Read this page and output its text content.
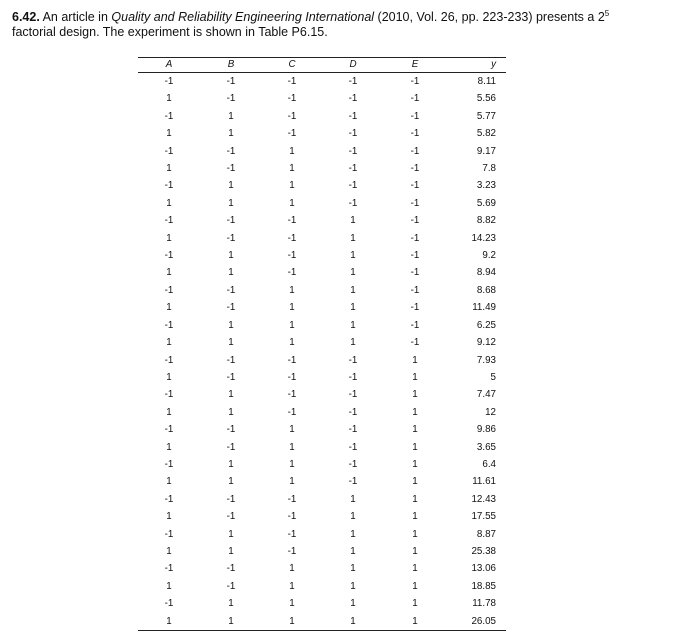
6.42. An article in Quality and Reliability Engineering International (2010, Vol. 26, pp. 223-233) presents a $2^5$
factorial design. The experiment is shown in Table P6.15.
A	B	C	D	E	y
-1	-1	-1	-1	-1	8.11
1	-1	-1	-1	-1	5.56
-1	1	-1	-1	-1	5.77
1	1	-1	-1	-1	5.82
-1	-1	1	-1	-1	9.17
1	-1	1	-1	-1	7.8
-1	1	1	-1	-1	3.23
1	1	1	-1	-1	5.69
-1	-1	-1	1	-1	8.82
1	-1	-1	1	-1	14.23
-1	1	-1	1	-1	9.2
1	1	-1	1	-1	8.94
-1	-1	1	1	-1	8.68
1	-1	1	1	-1	11.49
-1	1	1	1	-1	6.25
1	1	1	1	-1	9.12
-1	-1	-1	-1	1	7.93
1	-1	-1	-1	1	5
-1	1	-1	-1	1	7.47
1	1	-1	-1	1	12
-1	-1	1	-1	1	9.86
1	-1	1	-1	1	3.65
-1	1	1	-1	1	6.4
1	1	1	-1	1	11.61
-1	-1	-1	1	1	12.43
1	-1	-1	1	1	17.55
-1	1	-1	1	1	8.87
1	1	-1	1	1	25.38
-1	-1	1	1	1	13.06
1	-1	1	1	1	18.85
-1	1	1	1	1	11.78
1	1	1	1	1	26.05
